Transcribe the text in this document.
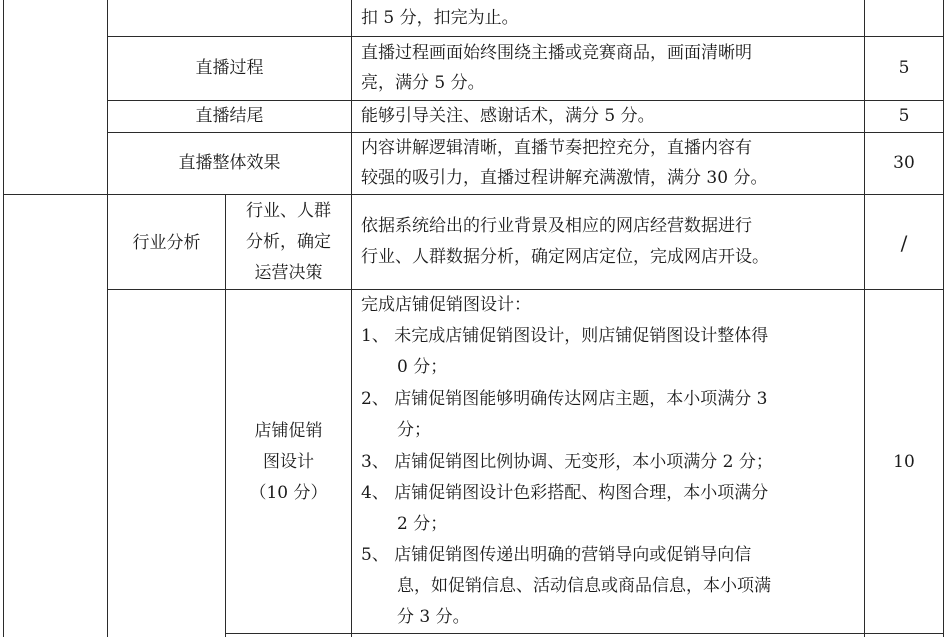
扣 5 分，扣完为止。
直播过程
直播过程画面始终围绕主播或竞赛商品，画面清晰明
亮，满分 5 分。
5
直播结尾	能够引导关注、感谢话术，满分 5 分。	5
直播整体效果
内容讲解逻辑清晰，直播节奏把控充分，直播内容有
较强的吸引力，直播过程讲解充满激情，满分 30 分。
30
行业分析
行业、人群
分析，确定
运营决策
依据系统给出的行业背景及相应的网店经营数据进行
行业、人群数据分析，确定网店定位，完成网店开设。
/
店铺促销
图设计
（10 分）
完成店铺促销图设计：
1、 未完成店铺促销图设计，则店铺促销图设计整体得
0 分；
2、 店铺促销图能够明确传达网店主题，本小项满分 3
分；
3、 店铺促销图比例协调、无变形，本小项满分 2 分；
4、 店铺促销图设计色彩搭配、构图合理，本小项满分
2 分；
5、 店铺促销图传递出明确的营销导向或促销导向信
息，如促销信息、活动信息或商品信息，本小项满
分 3 分。
10
